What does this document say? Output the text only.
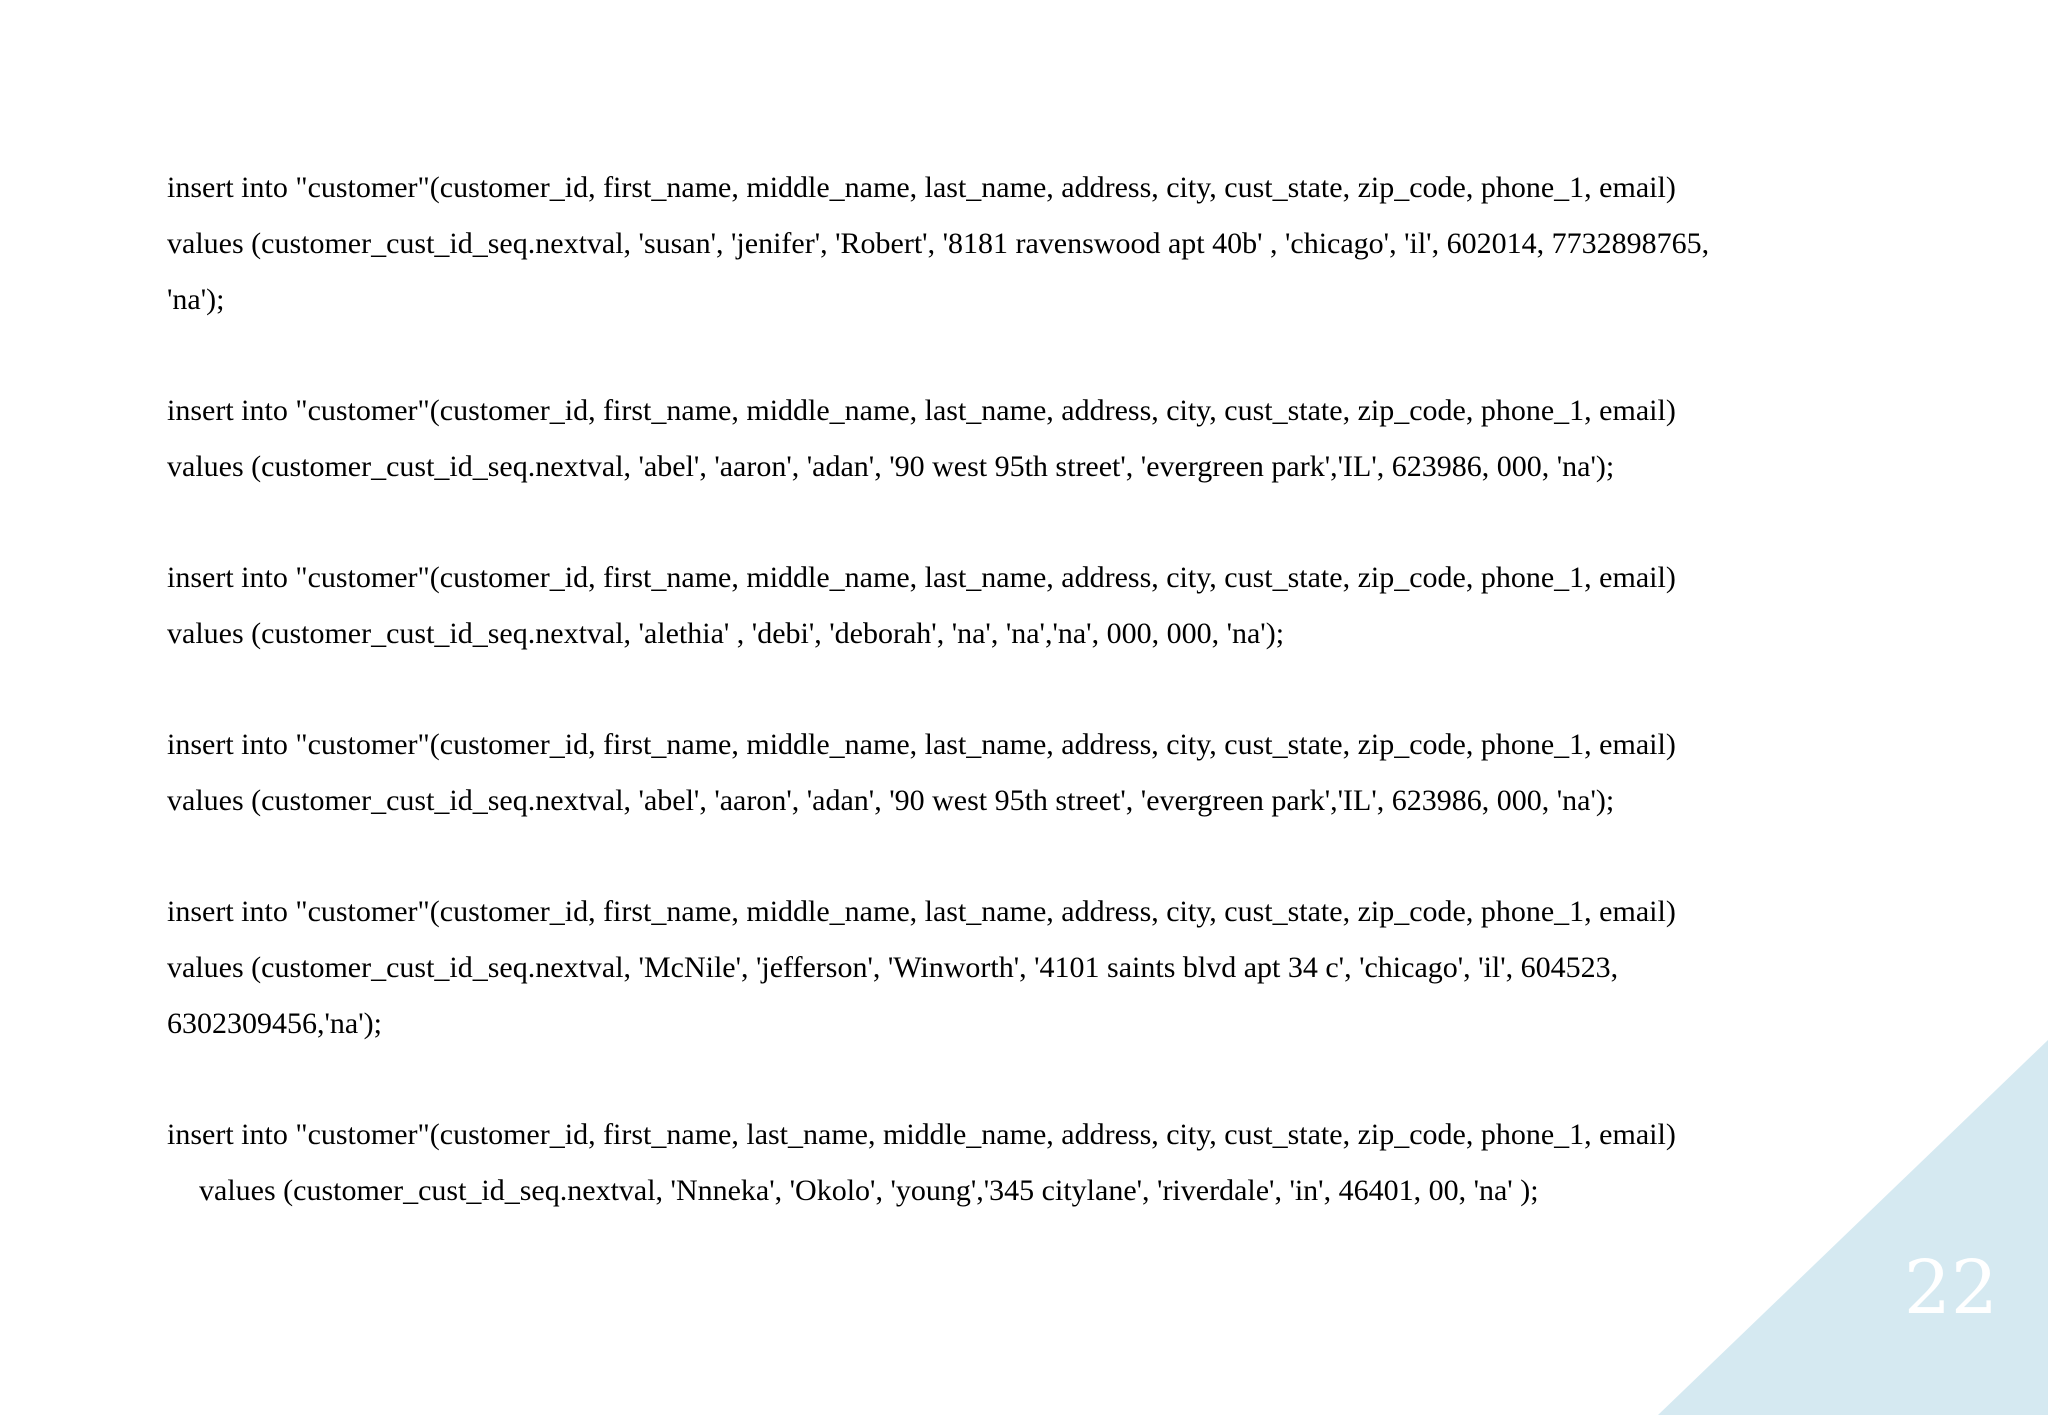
insert into "customer"(customer_id, first_name, middle_name, last_name, address, city, cust_state, zip_code, phone_1, email)

values (customer_cust_id_seq.nextval, 'susan', 'jenifer', 'Robert', '8181 ravenswood apt 40b' , 'chicago', 'il', 602014, 7732898765,

'na');

insert into "customer"(customer_id, first_name, middle_name, last_name, address, city, cust_state, zip_code, phone_1, email)

values (customer_cust_id_seq.nextval, 'abel', 'aaron', 'adan', '90 west 95th street', 'evergreen park','IL', 623986, 000, 'na');

insert into "customer"(customer_id, first_name, middle_name, last_name, address, city, cust_state, zip_code, phone_1, email)

values (customer_cust_id_seq.nextval, 'alethia' , 'debi', 'deborah', 'na', 'na','na', 000, 000, 'na');

insert into "customer"(customer_id, first_name, middle_name, last_name, address, city, cust_state, zip_code, phone_1, email)

values (customer_cust_id_seq.nextval, 'abel', 'aaron', 'adan', '90 west 95th street', 'evergreen park','IL', 623986, 000, 'na');

insert into "customer"(customer_id, first_name, middle_name, last_name, address, city, cust_state, zip_code, phone_1, email)

values (customer_cust_id_seq.nextval, 'McNile', 'jefferson', 'Winworth', '4101 saints blvd apt 34 c', 'chicago', 'il', 604523,

6302309456,'na');

insert into "customer"(customer_id, first_name, last_name, middle_name, address, city, cust_state, zip_code, phone_1, email)

values (customer_cust_id_seq.nextval, 'Nnneka', 'Okolo', 'young','345 citylane', 'riverdale', 'in', 46401, 00, 'na' );

22
